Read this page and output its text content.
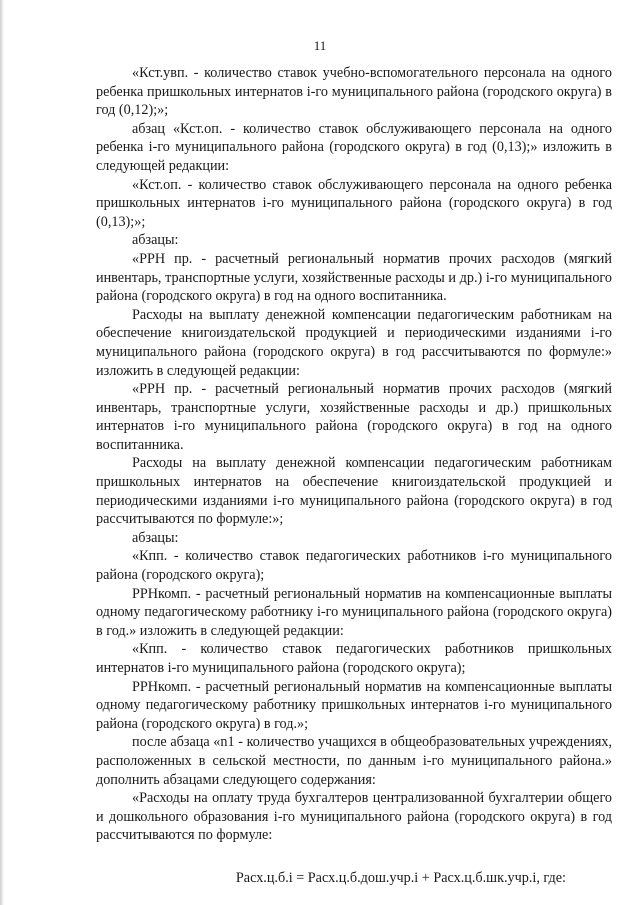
11

«Кст.увп. - количество ставок учебно-вспомогательного персонала на одного ребенка пришкольных интернатов i-го муниципального района (городского округа) в год (0,12);»;

абзац «Кст.оп. - количество ставок обслуживающего персонала на одного ребенка i-го муниципального района (городского округа) в год (0,13);» изложить в следующей редакции:

«Кст.оп. - количество ставок обслуживающего персонала на одного ребенка пришкольных интернатов i-го муниципального района (городского округа) в год (0,13);»;

абзацы:

«РРН пр. - расчетный региональный норматив прочих расходов (мягкий инвентарь, транспортные услуги, хозяйственные расходы и др.) i-го муниципального района (городского округа) в год на одного воспитанника.

Расходы на выплату денежной компенсации педагогическим работникам на обеспечение книгоиздательской продукцией и периодическими изданиями i-го муниципального района (городского округа) в год рассчитываются по формуле:» изложить в следующей редакции:

«РРН пр. - расчетный региональный норматив прочих расходов (мягкий инвентарь, транспортные услуги, хозяйственные расходы и др.) пришкольных интернатов i-го муниципального района (городского округа) в год на одного воспитанника.

Расходы на выплату денежной компенсации педагогическим работникам пришкольных интернатов на обеспечение книгоиздательской продукцией и периодическими изданиями i-го муниципального района (городского округа) в год рассчитываются по формуле:»;

абзацы:

«Кпп. - количество ставок педагогических работников i-го муниципального района (городского округа);

РРНкомп. - расчетный региональный норматив на компенсационные выплаты одному педагогическому работнику i-го муниципального района (городского округа) в год.» изложить в следующей редакции:

«Кпп. - количество ставок педагогических работников пришкольных интернатов i-го муниципального района (городского округа);

РРНкомп. - расчетный региональный норматив на компенсационные выплаты одному педагогическому работнику пришкольных интернатов i-го муниципального района (городского округа) в год.»;

после абзаца «n1 - количество учащихся в общеобразовательных учреждениях, расположенных в сельской местности, по данным i-го муниципального района.» дополнить абзацами следующего содержания:

«Расходы на оплату труда бухгалтеров централизованной бухгалтерии общего и дошкольного образования i-го муниципального района (городского округа) в год рассчитываются по формуле:

Расх.ц.б.i = Расх.ц.б.дош.учр.i + Расх.ц.б.шк.учр.i, где:
